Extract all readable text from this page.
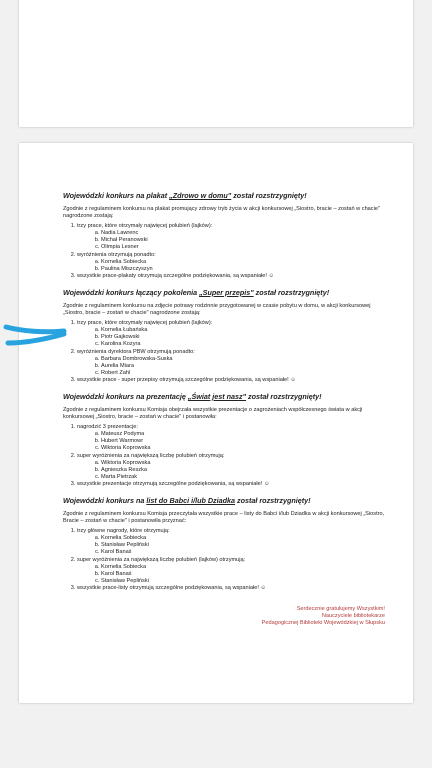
Wojewódzki konkurs na plakat „Zdrowo w domu" został rozstrzygnięty!

Zgodnie z regulaminem konkursu na plakat promujący zdrowy tryb życia w akcji konkursowej „Siostro, bracie – zostań w chacie" nagrodzone zostają:

1. trzy prace, które otrzymały najwięcej polubień (lajków):
a. Nadia Lawrenc
b. Michał Peranowski
c. Olimpia Lesner
2. wyróżnienia otrzymują ponadto:
a. Kornelia Sobiecka
b. Paulina Miszczyszyn
3. wszystkie prace-plakaty otrzymują szczególne podziękowania, są wspaniałe! ☺
Wojewódzki konkurs łączący pokolenia „Super przepis" został rozstrzygnięty!

Zgodnie z regulaminem konkursu na zdjęcie potrawy rodzinnie przygotowanej w czasie pobytu w domu, w akcji konkursowej „Siostro, bracie – zostań w chacie" nagrodzone zostają:

1. trzy prace, które otrzymały najwięcej polubień (lajków):
a. Kornelia Łubańska
b. Piotr Gajkowski
c. Karolina Kozyra
2. wyróżnienia dyrektora PBW otrzymują ponadto:
a. Barbara Dombrowska-Suska
b. Aurelia Miara
c. Robert Zahl
3. wszystkie prace - super przepisy otrzymują szczególne podziękowania, są wspaniałe! ☺
Wojewódzki konkurs na prezentację „Świat jest nasz" został rozstrzygnięty!

Zgodnie z regulaminem konkursu Komisja obejrzała wszystkie prezentacje o zagrożeniach współczesnego świata w akcji konkursowej „Siostro, bracie – zostań w chacie" i postanowiła:

1. nagrodzić 3 prezentacje:
a. Mateusz Podyma
b. Hubert Warmowr
c. Wiktoria Koprowska
2. super wyróżnienia za największą liczbę polubień otrzymują:
a. Wiktoria Koprowska
b. Agnieszka Reszka
c. Marta Pietrzak
3. wszystkie prezentacje otrzymują szczególne podziękowania, są wspaniałe! ☺
Wojewódzki konkurs na list do Babci i/lub Dziadka został rozstrzygnięty!

Zgodnie z regulaminem konkursu Komisja przeczytała wszystkie prace – listy do Babci i/lub Dziadka w akcji konkursowej „Siostro, Bracie – zostań w chacie" i postanowiła przyznać:

1. trzy główne nagrody, które otrzymują:
a. Kornelia Sobiecka
b. Stanisław Pepliński
c. Karol Banaś
2. super wyróżnienia za największą liczbę polubień (lajków) otrzymują:
a. Kornelia Sobiecka
b. Karol Banaś
c. Stanisław Pepliński
3. wszystkie prace-listy otrzymują szczególne podziękowania, są wspaniałe! ☺
Serdecznie gratulujemy Wszystkim!
Nauczyciele bibliotekarze
Pedagogicznej Biblioteki Wojewódzkiej w Słupsku
